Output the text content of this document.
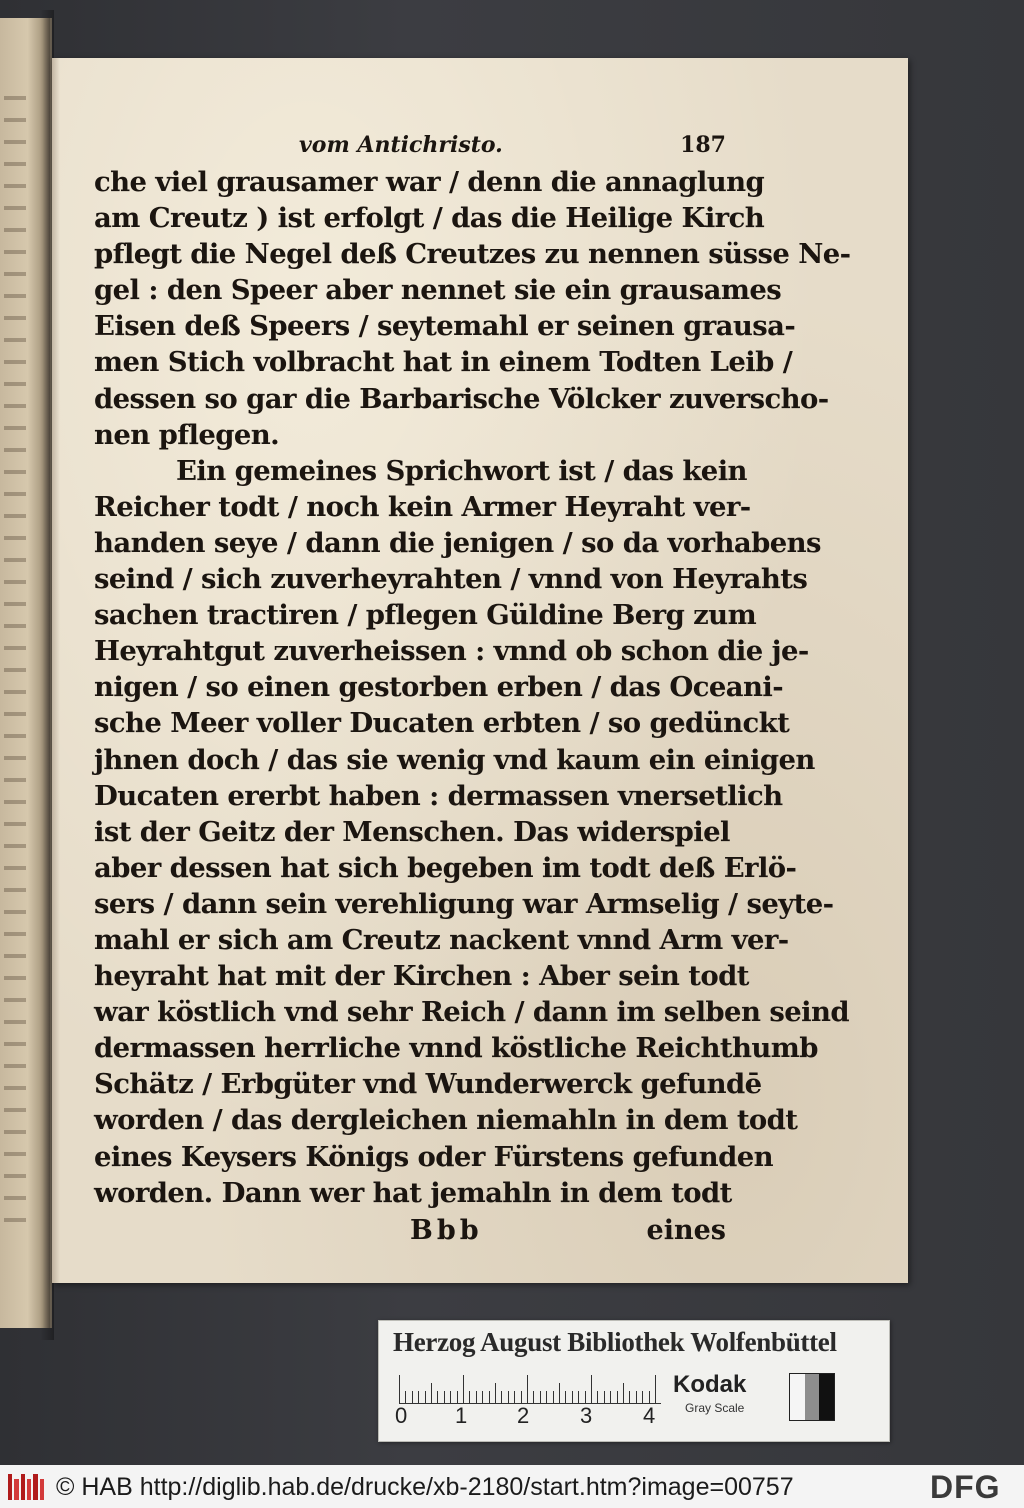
vom Antichristo.	187
che viel grausamer war / denn die annaglung
am Creutz ) ist erfolgt / das die Heilige Kirch
pflegt die Negel deß Creutzes zu nennen süsse Ne-
gel : den Speer aber nennet sie ein grausames
Eisen deß Speers / seytemahl er seinen grausa-
men Stich volbracht hat in einem Todten Leib /
dessen so gar die Barbarische Völcker zuverscho-
nen pflegen.
Ein gemeines Sprichwort ist / das kein
Reicher todt / noch kein Armer Heyraht ver-
handen seye / dann die jenigen / so da vorhabens
seind / sich zuverheyrahten / vnnd von Heyrahts
sachen tractiren / pflegen Güldine Berg zum
Heyrahtgut zuverheissen : vnnd ob schon die je-
nigen / so einen gestorben erben / das Oceani-
sche Meer voller Ducaten erbten / so gedünckt
jhnen doch / das sie wenig vnd kaum ein einigen
Ducaten ererbt haben : dermassen vnersetlich
ist der Geitz der Menschen. Das widerspiel
aber dessen hat sich begeben im todt deß Erlö-
sers / dann sein verehligung war Armselig / seyte-
mahl er sich am Creutz nackent vnnd Arm ver-
heyraht hat mit der Kirchen : Aber sein todt
war köstlich vnd sehr Reich / dann im selben seind
dermassen herrliche vnnd köstliche Reichthumb
Schätz / Erbgüter vnd Wunderwerck gefundē
worden / das dergleichen niemahln in dem todt
eines Keysers Königs oder Fürstens gefunden
worden. Dann wer hat jemahln in dem todt
Bbb	eines
Herzog August Bibliothek Wolfenbüttel
0 1 2 3 4
Kodak
Gray Scale
© HAB http://diglib.hab.de/drucke/xb-2180/start.htm?image=00757	DFG
